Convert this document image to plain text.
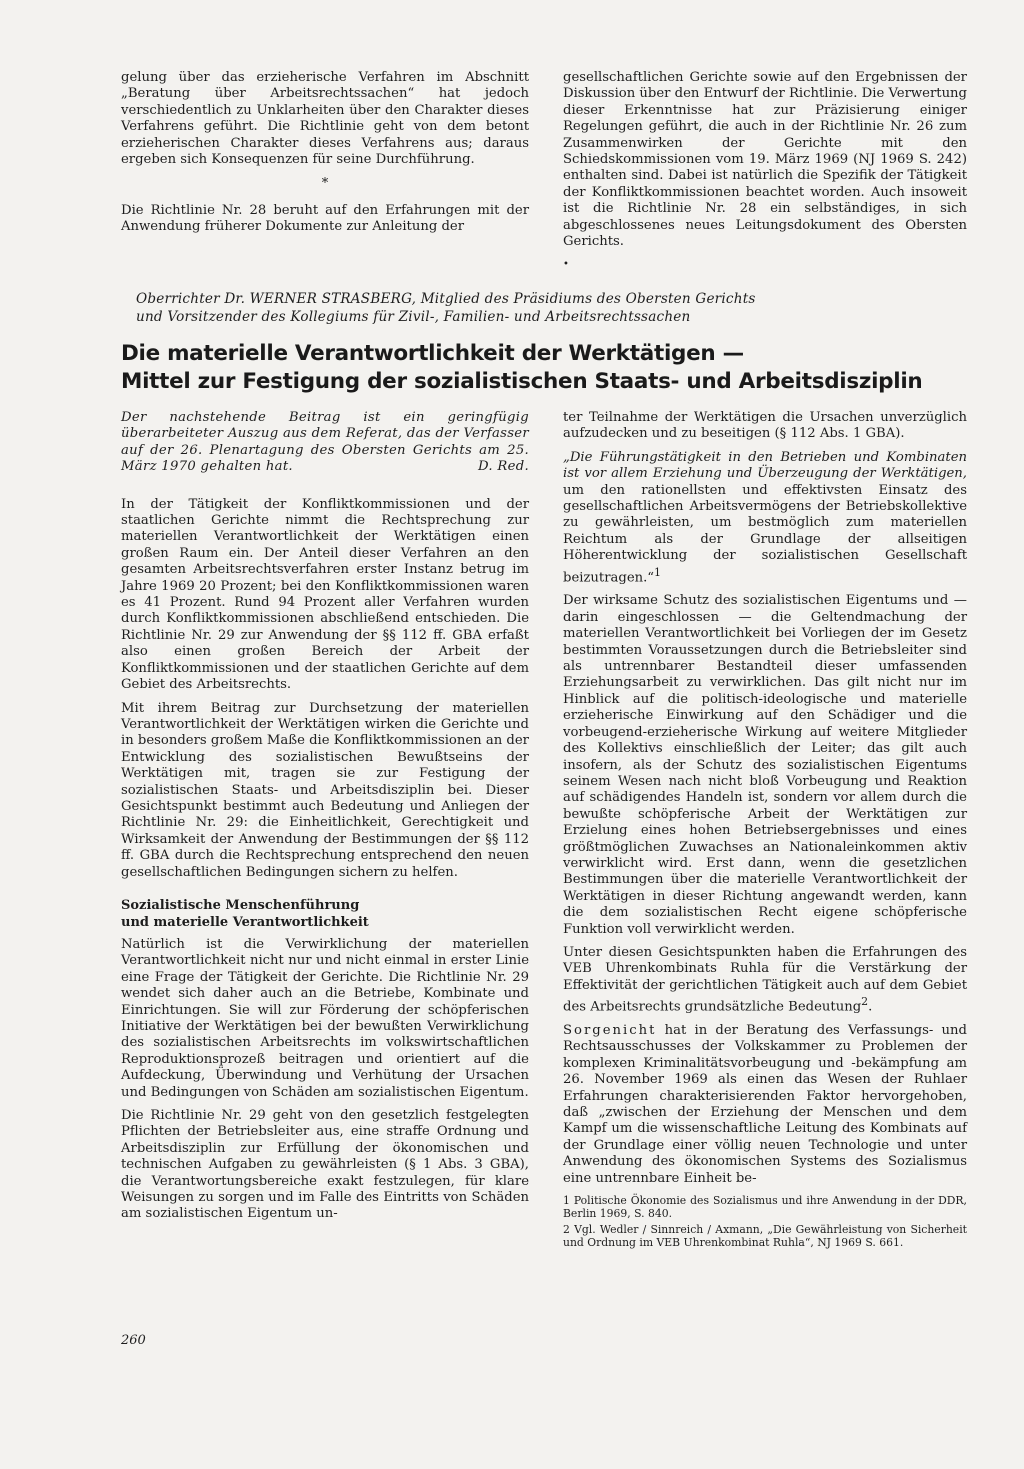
gelung über das erzieherische Verfahren im Abschnitt „Beratung über Arbeitsrechtssachen“ hat jedoch verschiedentlich zu Unklarheiten über den Charakter dieses Verfahrens geführt. Die Richtlinie geht von dem betont erzieherischen Charakter dieses Verfahrens aus; daraus ergeben sich Konsequenzen für seine Durchführung.

*

Die Richtlinie Nr. 28 beruht auf den Erfahrungen mit der Anwendung früherer Dokumente zur Anleitung der

gesellschaftlichen Gerichte sowie auf den Ergebnissen der Diskussion über den Entwurf der Richtlinie. Die Verwertung dieser Erkenntnisse hat zur Präzisierung einiger Regelungen geführt, die auch in der Richtlinie Nr. 26 zum Zusammenwirken der Gerichte mit den Schiedskommissionen vom 19. März 1969 (NJ 1969 S. 242) enthalten sind. Dabei ist natürlich die Spezifik der Tätigkeit der Konfliktkommissionen beachtet worden. Auch insoweit ist die Richtlinie Nr. 28 ein selbständiges, in sich abgeschlossenes neues Leitungsdokument des Obersten Gerichts.

•
Oberrichter Dr. WERNER STRASBERG, Mitglied des Präsidiums des Obersten Gerichts
und Vorsitzender des Kollegiums für Zivil-, Familien- und Arbeitsrechtssachen
Die materielle Verantwortlichkeit der Werktätigen —
Mittel zur Festigung der sozialistischen Staats- und Arbeitsdisziplin

Der nachstehende Beitrag ist ein geringfügig überarbeiteter Auszug aus dem Referat, das der Verfasser auf der 26. Plenartagung des Obersten Gerichts am 25. März 1970 gehalten hat.	D. Red.

In der Tätigkeit der Konfliktkommissionen und der staatlichen Gerichte nimmt die Rechtsprechung zur materiellen Verantwortlichkeit der Werktätigen einen großen Raum ein. Der Anteil dieser Verfahren an den gesamten Arbeitsrechtsverfahren erster Instanz betrug im Jahre 1969 20 Prozent; bei den Konfliktkommissionen waren es 41 Prozent. Rund 94 Prozent aller Verfahren wurden durch Konfliktkommissionen abschließend entschieden. Die Richtlinie Nr. 29 zur Anwendung der §§ 112 ff. GBA erfaßt also einen großen Bereich der Arbeit der Konfliktkommissionen und der staatlichen Gerichte auf dem Gebiet des Arbeitsrechts.

Mit ihrem Beitrag zur Durchsetzung der materiellen Verantwortlichkeit der Werktätigen wirken die Gerichte und in besonders großem Maße die Konfliktkommissionen an der Entwicklung des sozialistischen Bewußtseins der Werktätigen mit, tragen sie zur Festigung der sozialistischen Staats- und Arbeitsdisziplin bei. Dieser Gesichtspunkt bestimmt auch Bedeutung und Anliegen der Richtlinie Nr. 29: die Einheitlichkeit, Gerechtigkeit und Wirksamkeit der Anwendung der Bestimmungen der §§ 112 ff. GBA durch die Rechtsprechung entsprechend den neuen gesellschaftlichen Bedingungen sichern zu helfen.

Sozialistische Menschenführung
und materielle Verantwortlichkeit

Natürlich ist die Verwirklichung der materiellen Verantwortlichkeit nicht nur und nicht einmal in erster Linie eine Frage der Tätigkeit der Gerichte. Die Richtlinie Nr. 29 wendet sich daher auch an die Betriebe, Kombinate und Einrichtungen. Sie will zur Förderung der schöpferischen Initiative der Werktätigen bei der bewußten Verwirklichung des sozialistischen Arbeitsrechts im volkswirtschaftlichen Reproduktionsprozeß beitragen und orientiert auf die Aufdeckung, Überwindung und Verhütung der Ursachen und Bedingungen von Schäden am sozialistischen Eigentum.

Die Richtlinie Nr. 29 geht von den gesetzlich festgelegten Pflichten der Betriebsleiter aus, eine straffe Ordnung und Arbeitsdisziplin zur Erfüllung der ökonomischen und technischen Aufgaben zu gewährleisten (§ 1 Abs. 3 GBA), die Verantwortungsbereiche exakt festzulegen, für klare Weisungen zu sorgen und im Falle des Eintritts von Schäden am sozialistischen Eigentum un-

ter Teilnahme der Werktätigen die Ursachen unverzüglich aufzudecken und zu beseitigen (§ 112 Abs. 1 GBA).

„Die Führungstätigkeit in den Betrieben und Kombinaten ist vor allem Erziehung und Überzeugung der Werktätigen, um den rationellsten und effektivsten Einsatz des gesellschaftlichen Arbeitsvermögens der Betriebskollektive zu gewährleisten, um bestmöglich zum materiellen Reichtum als der Grundlage der allseitigen Höherentwicklung der sozialistischen Gesellschaft beizutragen.“$^1$

Der wirksame Schutz des sozialistischen Eigentums und — darin eingeschlossen — die Geltendmachung der materiellen Verantwortlichkeit bei Vorliegen der im Gesetz bestimmten Voraussetzungen durch die Betriebsleiter sind als untrennbarer Bestandteil dieser umfassenden Erziehungsarbeit zu verwirklichen. Das gilt nicht nur im Hinblick auf die politisch-ideologische und materielle erzieherische Einwirkung auf den Schädiger und die vorbeugend-erzieherische Wirkung auf weitere Mitglieder des Kollektivs einschließlich der Leiter; das gilt auch insofern, als der Schutz des sozialistischen Eigentums seinem Wesen nach nicht bloß Vorbeugung und Reaktion auf schädigendes Handeln ist, sondern vor allem durch die bewußte schöpferische Arbeit der Werktätigen zur Erzielung eines hohen Betriebsergebnisses und eines größtmöglichen Zuwachses an Nationaleinkommen aktiv verwirklicht wird. Erst dann, wenn die gesetzlichen Bestimmungen über die materielle Verantwortlichkeit der Werktätigen in dieser Richtung angewandt werden, kann die dem sozialistischen Recht eigene schöpferische Funktion voll verwirklicht werden.

Unter diesen Gesichtspunkten haben die Erfahrungen des VEB Uhrenkombinats Ruhla für die Verstärkung der Effektivität der gerichtlichen Tätigkeit auch auf dem Gebiet des Arbeitsrechts grundsätzliche Bedeutung$^2$.

Sorgenicht hat in der Beratung des Verfassungs- und Rechtsausschusses der Volkskammer zu Problemen der komplexen Kriminalitätsvorbeugung und -bekämpfung am 26. November 1969 als einen das Wesen der Ruhlaer Erfahrungen charakterisierenden Faktor hervorgehoben, daß „zwischen der Erziehung der Menschen und dem Kampf um die wissenschaftliche Leitung des Kombinats auf der Grundlage einer völlig neuen Technologie und unter Anwendung des ökonomischen Systems des Sozialismus eine untrennbare Einheit be-

1 Politische Ökonomie des Sozialismus und ihre Anwendung in der DDR, Berlin 1969, S. 840.

2 Vgl. Wedler / Sinnreich / Axmann, „Die Gewährleistung von Sicherheit und Ordnung im VEB Uhrenkombinat Ruhla“, NJ 1969 S. 661.

260
